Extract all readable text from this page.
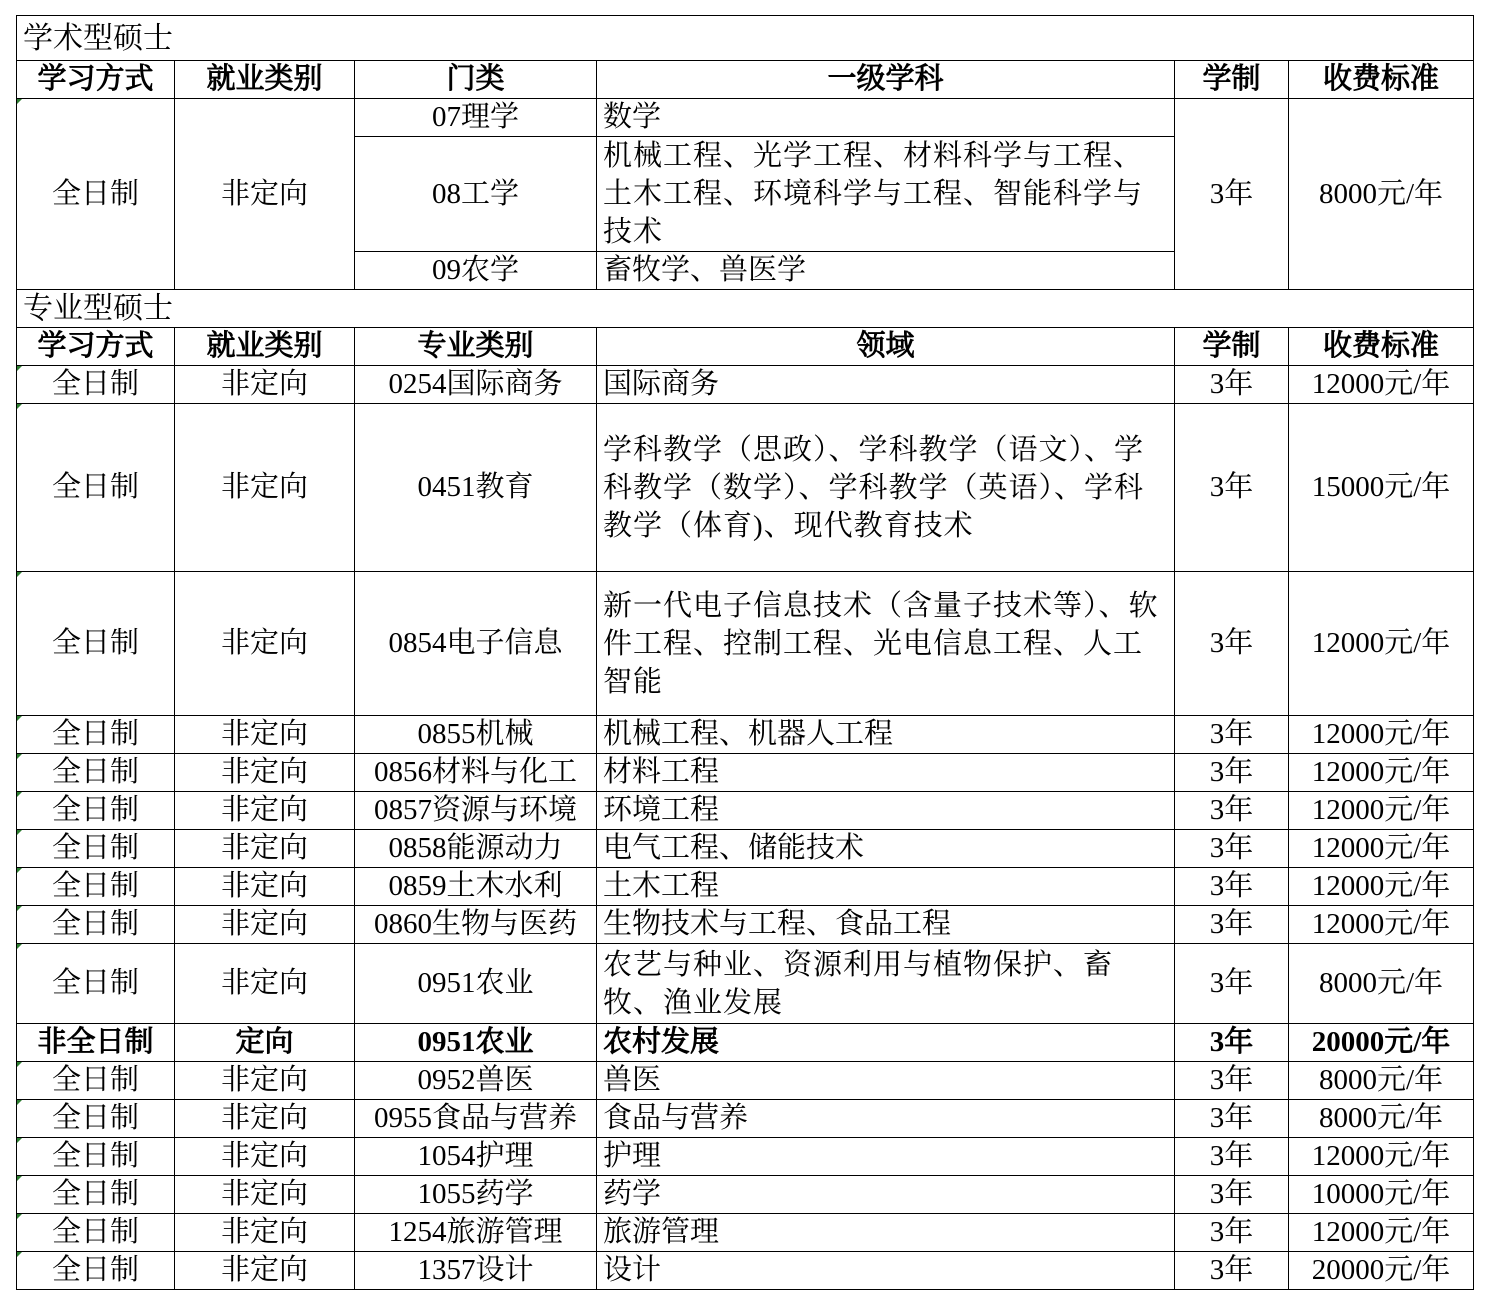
学术型硕士					
学习方式	就业类别	门类	一级学科	学制	收费标准
全日制	非定向	07理学	数学	3年	8000元/年
		08工学	机械工程、光学工程、材料科学与工程、土木工程、环境科学与工程、智能科学与技术		
		09农学	畜牧学、兽医学		
专业型硕士					
学习方式	就业类别	专业类别	领域	学制	收费标准
全日制	非定向	0254国际商务	国际商务	3年	12000元/年
全日制	非定向	0451教育	学科教学（思政）、学科教学（语文）、学科教学（数学）、学科教学（英语）、学科教学（体育)、现代教育技术	3年	15000元/年
全日制	非定向	0854电子信息	新一代电子信息技术（含量子技术等）、软件工程、控制工程、光电信息工程、人工智能	3年	12000元/年
全日制	非定向	0855机械	机械工程、机器人工程	3年	12000元/年
全日制	非定向	0856材料与化工	材料工程	3年	12000元/年
全日制	非定向	0857资源与环境	环境工程	3年	12000元/年
全日制	非定向	0858能源动力	电气工程、储能技术	3年	12000元/年
全日制	非定向	0859土木水利	土木工程	3年	12000元/年
全日制	非定向	0860生物与医药	生物技术与工程、食品工程	3年	12000元/年
全日制	非定向	0951农业	农艺与种业、资源利用与植物保护、畜牧、渔业发展	3年	8000元/年
非全日制	定向	0951农业	农村发展	3年	20000元/年
全日制	非定向	0952兽医	兽医	3年	8000元/年
全日制	非定向	0955食品与营养	食品与营养	3年	8000元/年
全日制	非定向	1054护理	护理	3年	12000元/年
全日制	非定向	1055药学	药学	3年	10000元/年
全日制	非定向	1254旅游管理	旅游管理	3年	12000元/年
全日制	非定向	1357设计	设计	3年	20000元/年
